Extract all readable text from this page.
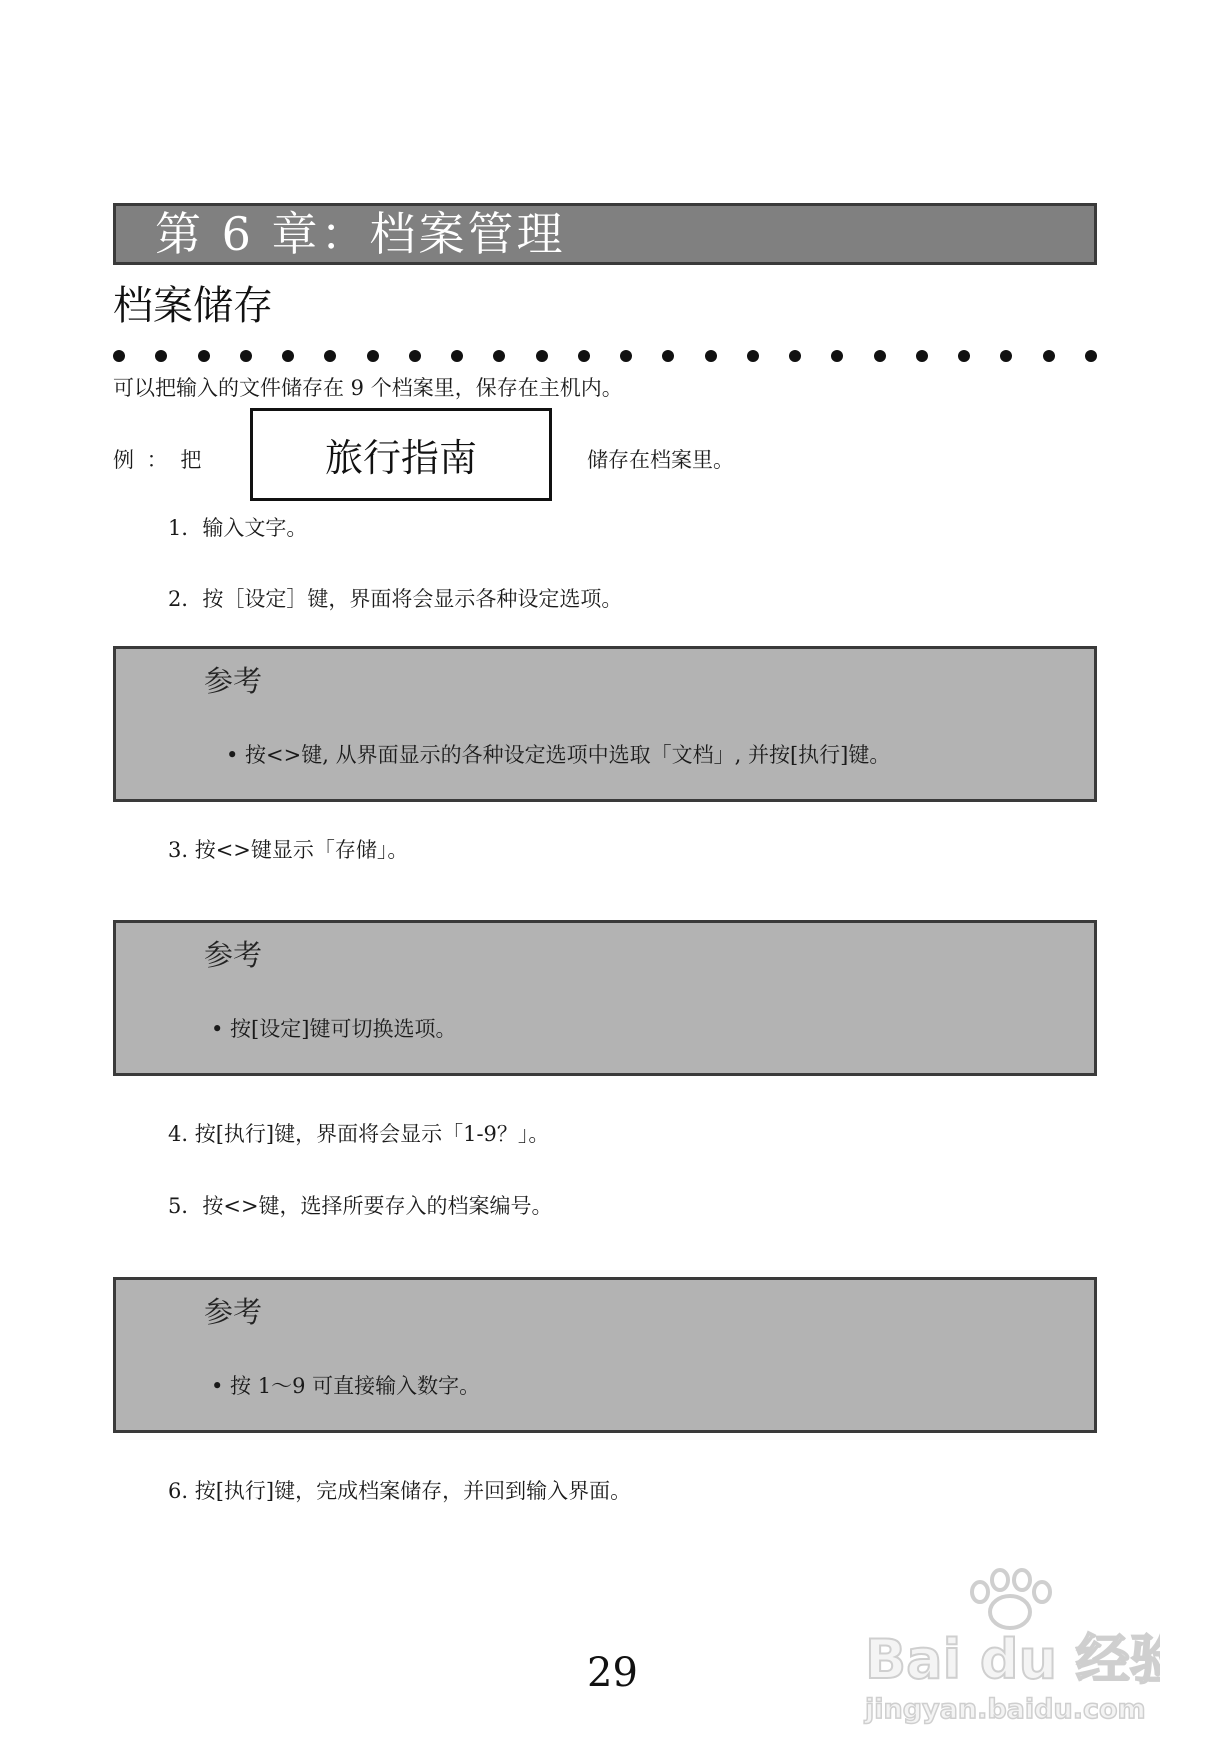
第 6 章：档案管理
档案储存
可以把输入的文件储存在 9 个档案里，保存在主机内。
例 ： 把	旅行指南	储存在档案里。
1．输入文字。
2．按［设定］键，界面将会显示各种设定选项。
参考
• 按<>键, 从界面显示的各种设定选项中选取「文档」, 并按[执行]键。
3. 按<>键显示「存储」。
参考
• 按[设定]键可切换选项。
4. 按[执行]键，界面将会显示「1-9？」。
5．按<>键，选择所要存入的档案编号。
参考
• 按 1～9 可直接输入数字。
6. 按[执行]键，完成档案储存，并回到输入界面。
29	Bai du 经验
jingyan.baidu.com
